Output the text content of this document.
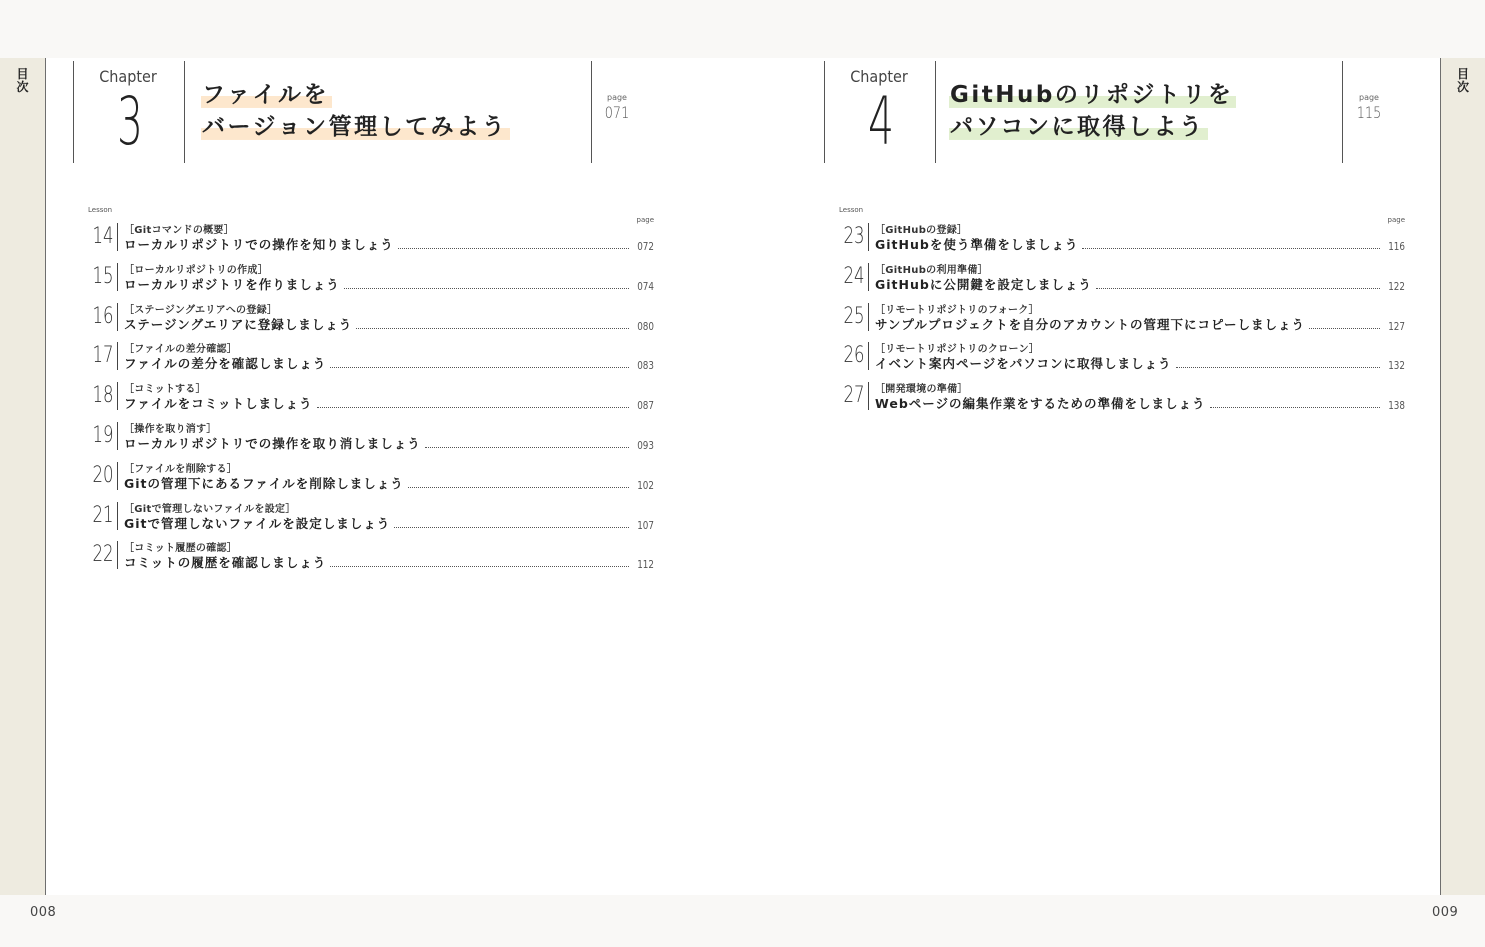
目
次
目
次
008	009
Chapter
3	ファイルを
バージョン管理してみよう
page
071
Chapter
4	GitHubのリポジトリを
パソコンに取得しよう
page
115
Lesson
page
14 ［Gitコマンドの概要］
ローカルリポジトリでの操作を知りましょう	072
15 ［ローカルリポジトリの作成］
ローカルリポジトリを作りましょう	074
16 ［ステージングエリアへの登録］
ステージングエリアに登録しましょう	080
17 ［ファイルの差分確認］
ファイルの差分を確認しましょう	083
18 ［コミットする］
ファイルをコミットしましょう	087
19 ［操作を取り消す］
ローカルリポジトリでの操作を取り消しましょう	093
20 ［ファイルを削除する］
Gitの管理下にあるファイルを削除しましょう	102
21 ［Gitで管理しないファイルを設定］
Gitで管理しないファイルを設定しましょう	107
22 ［コミット履歴の確認］
コミットの履歴を確認しましょう	112
Lesson
page
23 ［GitHubの登録］
GitHubを使う準備をしましょう	116
24 ［GitHubの利用準備］
GitHubに公開鍵を設定しましょう	122
25 ［リモートリポジトリのフォーク］
サンプルプロジェクトを自分のアカウントの管理下にコピーしましょう	127
26 ［リモートリポジトリのクローン］
イベント案内ページをパソコンに取得しましょう	132
27 ［開発環境の準備］
Webページの編集作業をするための準備をしましょう	138
